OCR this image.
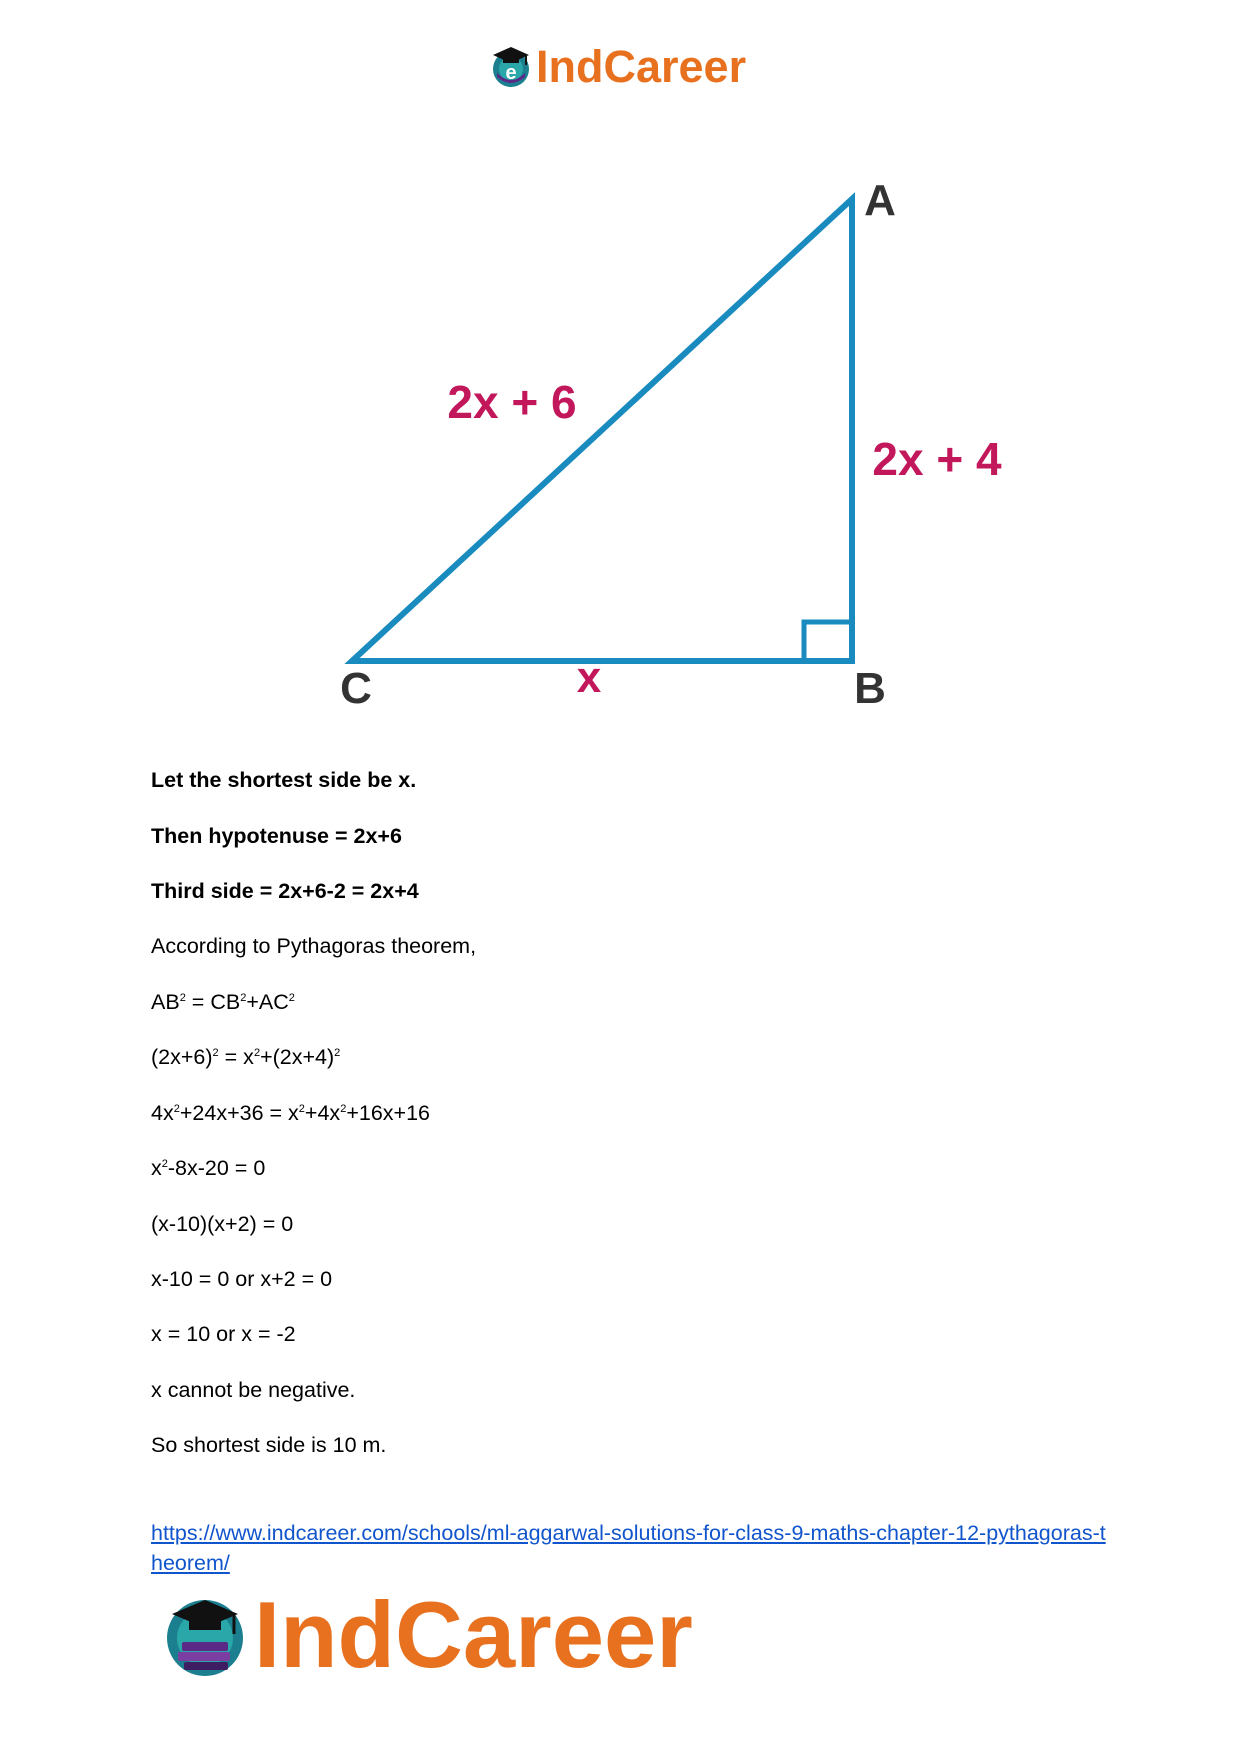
e IndCareer
A
B
C
2x + 6
2x + 4
x

Let the shortest side be x.

Then hypotenuse = 2x+6

Third side = 2x+6-2 = 2x+4

According to Pythagoras theorem,

$AB^2 = CB^2+AC^2$

$(2x+6)^2 = x^2+(2x+4)^2$

$4x^2+24x+36 = x^2+4x^2+16x+16$

$x^2-8x-20 = 0$

(x-10)(x+2) = 0

x-10 = 0 or x+2 = 0

x = 10 or x = -2

x cannot be negative.

So shortest side is 10 m.

https://www.indcareer.com/schools/ml-aggarwal-solutions-for-class-9-maths-chapter-12-pythagoras-theorem/
IndCareer
